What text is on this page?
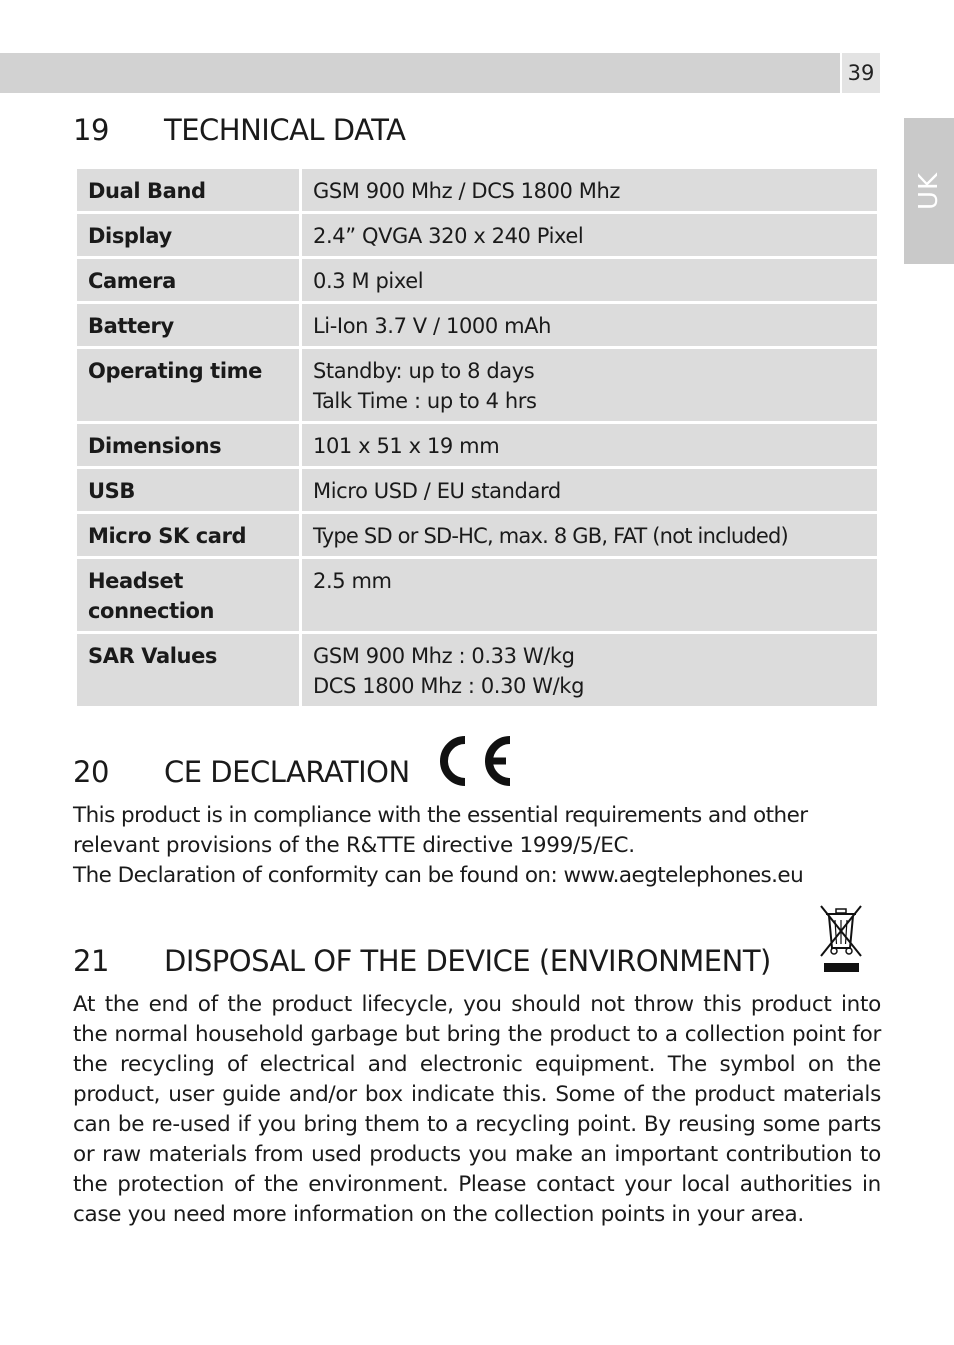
39
UK
19 TECHNICAL DATA
Dual Band	GSM 900 Mhz / DCS 1800 Mhz
Display	2.4” QVGA 320 x 240 Pixel
Camera	0.3 M pixel
Battery	Li-Ion 3.7 V / 1000 mAh
Operating time	Standby: up to 8 days
Talk Time : up to 4 hrs
Dimensions	101 x 51 x 19 mm
USB	Micro USD / EU standard
Micro SK card	Type SD or SD-HC, max. 8 GB, FAT (not included)
Headset connection	2.5 mm
SAR Values	GSM 900 Mhz : 0.33 W/kg
DCS 1800 Mhz : 0.30 W/kg
20 CE DECLARATION

This product is in compliance with the essential requirements and other
relevant provisions of the R&TTE directive 1999/5/EC.
The Declaration of conformity can be found on: www.aegtelephones.eu

21 DISPOSAL OF THE DEVICE (ENVIRONMENT)

At the end of the product lifecycle, you should not throw this product into the normal household garbage but bring the product to a collection point for the recycling of electrical and electronic equipment. The symbol on the product, user guide and/or box indicate this. Some of the product materials can be re-used if you bring them to a recycling point. By reusing some parts or raw materials from used products you make an important contribution to the protection of the environment. Please contact your local authorities in case you need more information on the collection points in your area.
